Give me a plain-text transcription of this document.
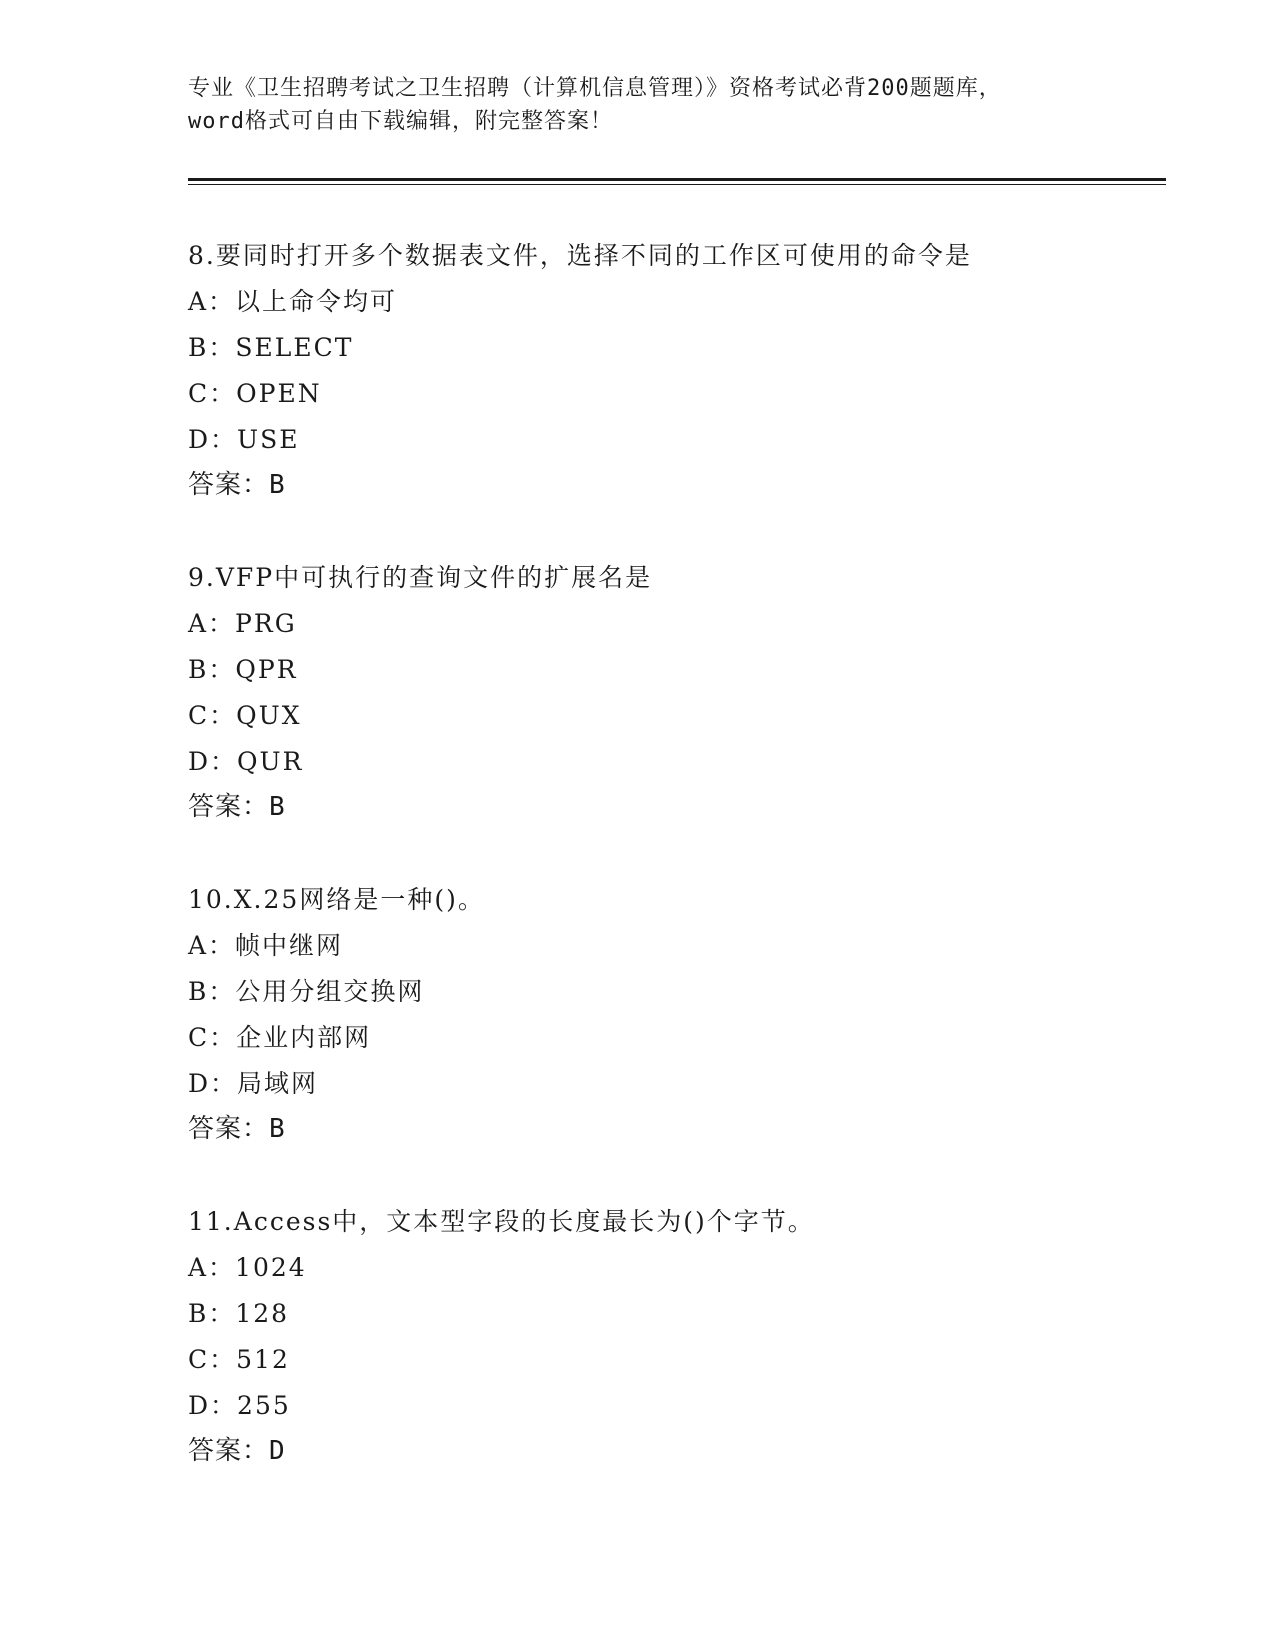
专业《卫生招聘考试之卫生招聘（计算机信息管理）》资格考试必背200题题库，
word格式可自由下载编辑，附完整答案！
8.要同时打开多个数据表文件，选择不同的工作区可使用的命令是
A：以上命令均可
B：SELECT
C：OPEN
D：USE
答案：B
9.VFP中可执行的查询文件的扩展名是
A：PRG
B：QPR
C：QUX
D：QUR
答案：B
10.X.25网络是一种()。
A：帧中继网
B：公用分组交换网
C：企业内部网
D：局域网
答案：B
11.Access中，文本型字段的长度最长为()个字节。
A：1024
B：128
C：512
D：255
答案：D
